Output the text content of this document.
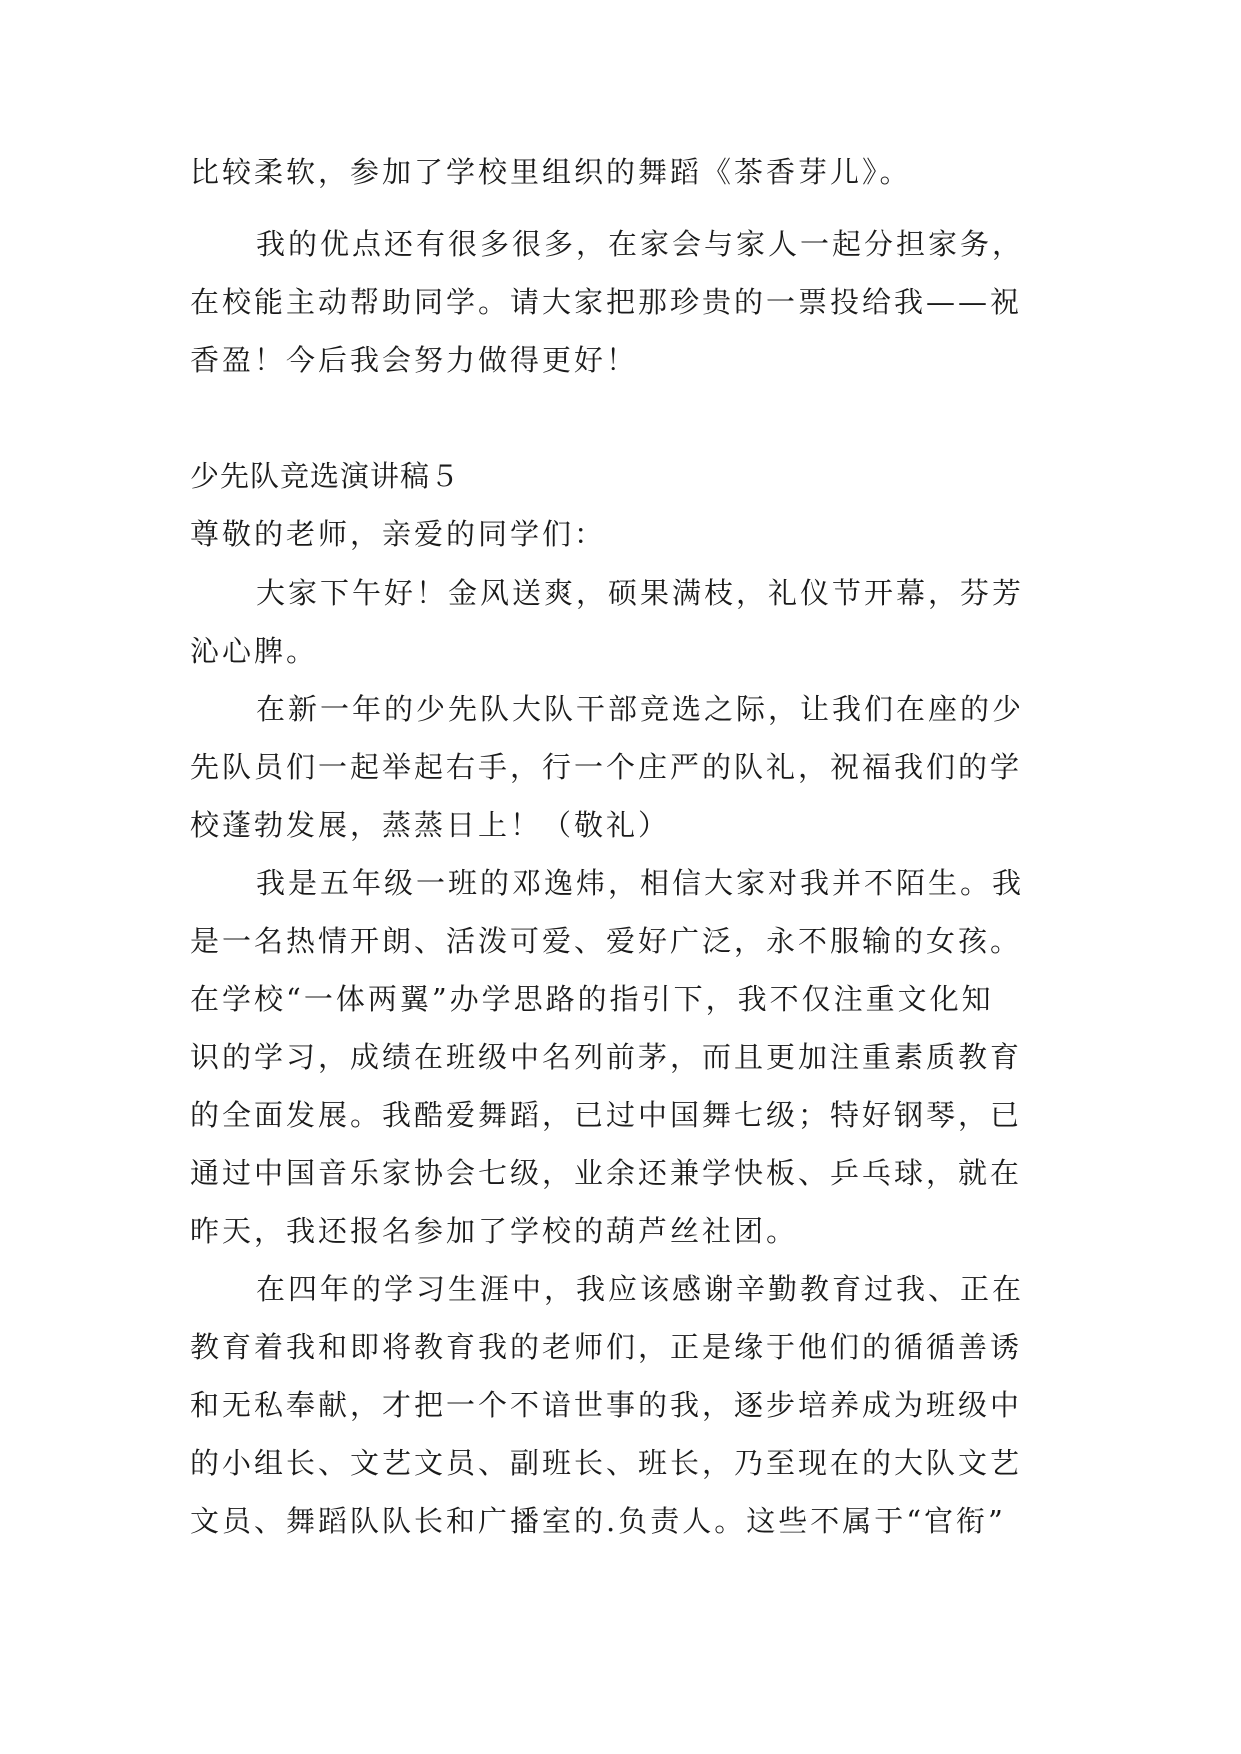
比较柔软，参加了学校里组织的舞蹈《茶香芽儿》。
我的优点还有很多很多，在家会与家人一起分担家务，
在校能主动帮助同学。请大家把那珍贵的一票投给我——祝
香盈！今后我会努力做得更好！
少先队竞选演讲稿５
尊敬的老师，亲爱的同学们：
大家下午好！金风送爽，硕果满枝，礼仪节开幕，芬芳
沁心脾。
在新一年的少先队大队干部竞选之际，让我们在座的少
先队员们一起举起右手，行一个庄严的队礼，祝福我们的学
校蓬勃发展，蒸蒸日上！（敬礼）
我是五年级一班的邓逸炜，相信大家对我并不陌生。我
是一名热情开朗、活泼可爱、爱好广泛，永不服输的女孩。
在学校“一体两翼”办学思路的指引下，我不仅注重文化知
识的学习，成绩在班级中名列前茅，而且更加注重素质教育
的全面发展。我酷爱舞蹈，已过中国舞七级；特好钢琴，已
通过中国音乐家协会七级，业余还兼学快板、乒乓球，就在
昨天，我还报名参加了学校的葫芦丝社团。
在四年的学习生涯中，我应该感谢辛勤教育过我、正在
教育着我和即将教育我的老师们，正是缘于他们的循循善诱
和无私奉献，才把一个不谙世事的我，逐步培养成为班级中
的小组长、文艺文员、副班长、班长，乃至现在的大队文艺
文员、舞蹈队队长和广播室的.负责人。这些不属于“官衔”
